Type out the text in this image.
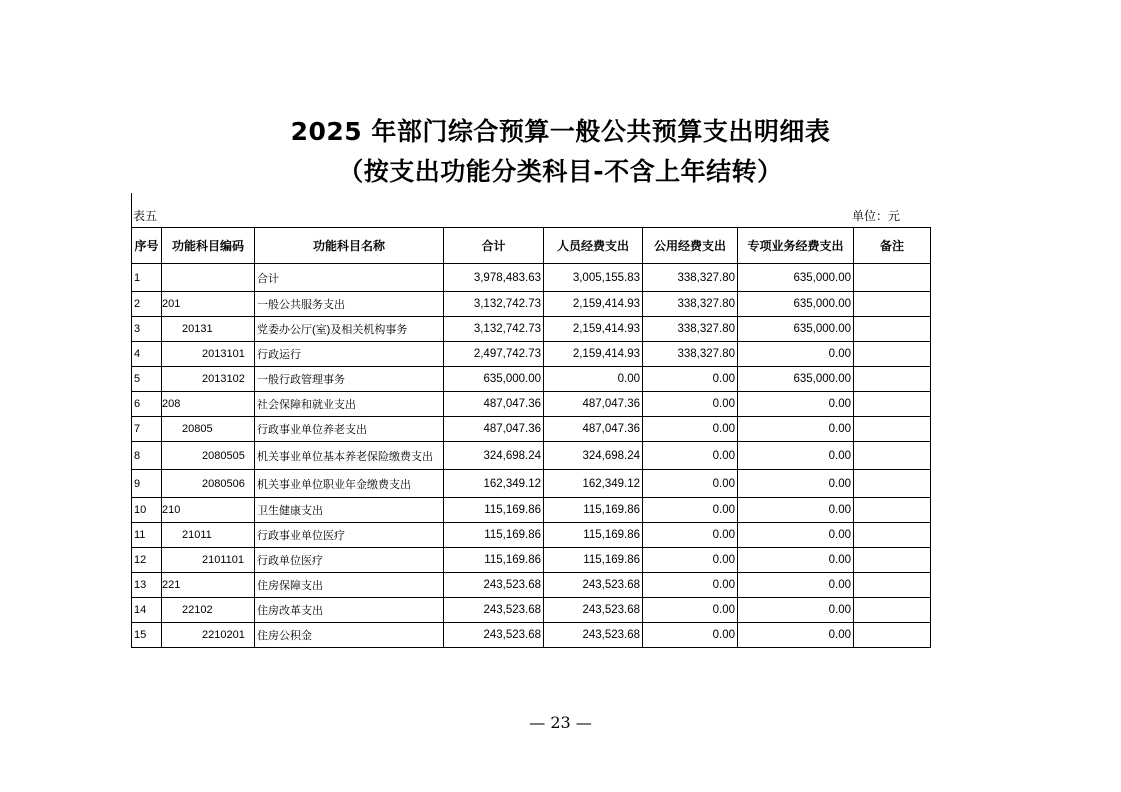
2025 年部门综合预算一般公共预算支出明细表
（按支出功能分类科目-不含上年结转）
表五	单位：元
序号	功能科目编码	功能科目名称	合计	人员经费支出	公用经费支出	专项业务经费支出	备注
1		合计	3,978,483.63	3,005,155.83	338,327.80	635,000.00	
2	201	一般公共服务支出	3,132,742.73	2,159,414.93	338,327.80	635,000.00	
3	20131	党委办公厅(室)及相关机构事务	3,132,742.73	2,159,414.93	338,327.80	635,000.00	
4	2013101	行政运行	2,497,742.73	2,159,414.93	338,327.80	0.00	
5	2013102	一般行政管理事务	635,000.00	0.00	0.00	635,000.00	
6	208	社会保障和就业支出	487,047.36	487,047.36	0.00	0.00	
7	20805	行政事业单位养老支出	487,047.36	487,047.36	0.00	0.00	
8	2080505	机关事业单位基本养老保险缴费支出	324,698.24	324,698.24	0.00	0.00	
9	2080506	机关事业单位职业年金缴费支出	162,349.12	162,349.12	0.00	0.00	
10	210	卫生健康支出	115,169.86	115,169.86	0.00	0.00	
11	21011	行政事业单位医疗	115,169.86	115,169.86	0.00	0.00	
12	2101101	行政单位医疗	115,169.86	115,169.86	0.00	0.00	
13	221	住房保障支出	243,523.68	243,523.68	0.00	0.00	
14	22102	住房改革支出	243,523.68	243,523.68	0.00	0.00	
15	2210201	住房公积金	243,523.68	243,523.68	0.00	0.00	
— 23 —
